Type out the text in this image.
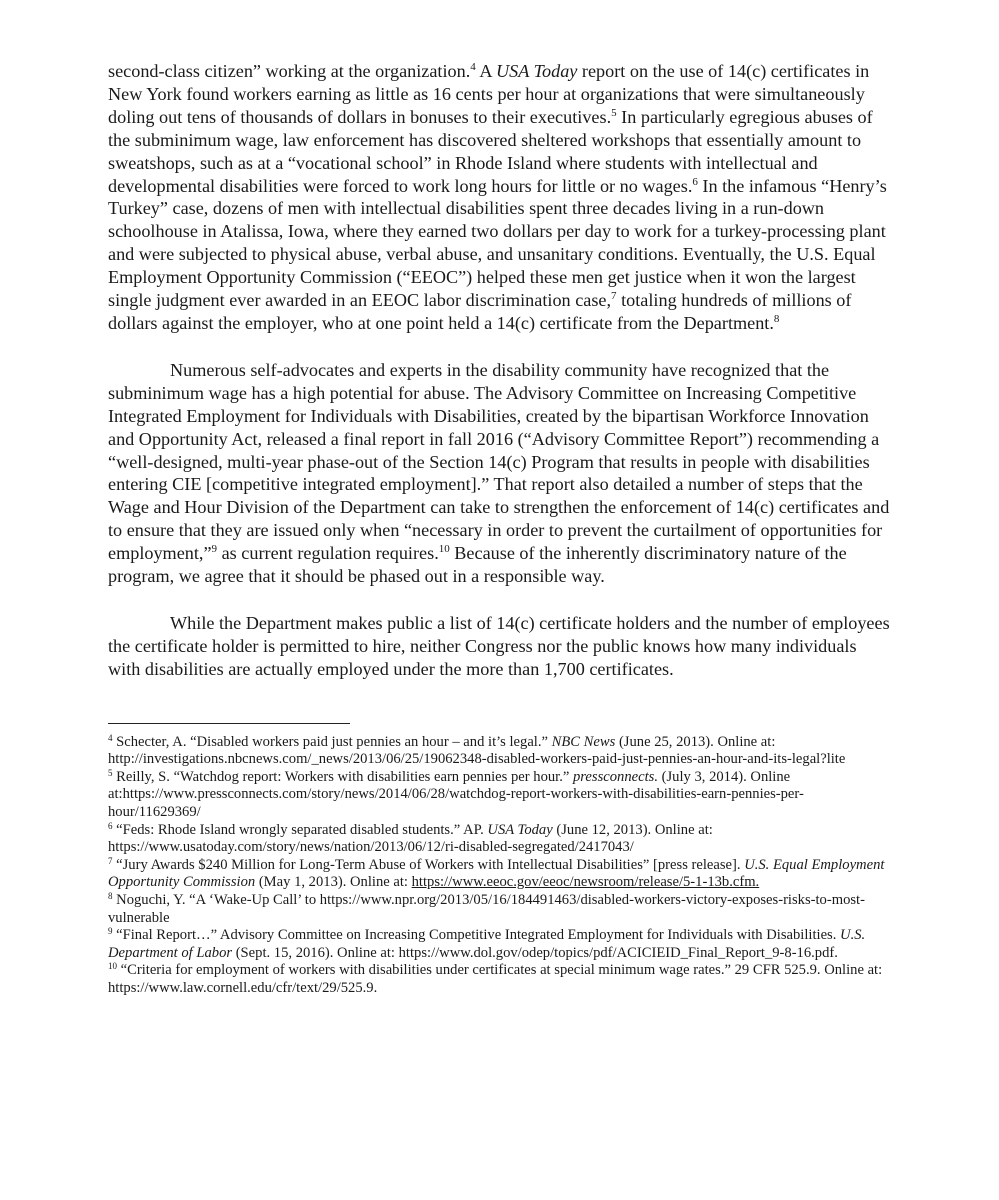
second-class citizen” working at the organization.$^4$ A USA Today report on the use of 14(c) certificates in New York found workers earning as little as 16 cents per hour at organizations that were simultaneously doling out tens of thousands of dollars in bonuses to their executives.$^5$ In particularly egregious abuses of the subminimum wage, law enforcement has discovered sheltered workshops that essentially amount to sweatshops, such as at a “vocational school” in Rhode Island where students with intellectual and developmental disabilities were forced to work long hours for little or no wages.$^6$ In the infamous “Henry’s Turkey” case, dozens of men with intellectual disabilities spent three decades living in a run-down schoolhouse in Atalissa, Iowa, where they earned two dollars per day to work for a turkey-processing plant and were subjected to physical abuse, verbal abuse, and unsanitary conditions. Eventually, the U.S. Equal Employment Opportunity Commission (“EEOC”) helped these men get justice when it won the largest single judgment ever awarded in an EEOC labor discrimination case,$^7$ totaling hundreds of millions of dollars against the employer, who at one point held a 14(c) certificate from the Department.$^8$

Numerous self-advocates and experts in the disability community have recognized that the subminimum wage has a high potential for abuse. The Advisory Committee on Increasing Competitive Integrated Employment for Individuals with Disabilities, created by the bipartisan Workforce Innovation and Opportunity Act, released a final report in fall 2016 (“Advisory Committee Report”) recommending a “well-designed, multi-year phase-out of the Section 14(c) Program that results in people with disabilities entering CIE [competitive integrated employment].” That report also detailed a number of steps that the Wage and Hour Division of the Department can take to strengthen the enforcement of 14(c) certificates and to ensure that they are issued only when “necessary in order to prevent the curtailment of opportunities for employment,”$^9$ as current regulation requires.$^{10}$ Because of the inherently discriminatory nature of the program, we agree that it should be phased out in a responsible way.

While the Department makes public a list of 14(c) certificate holders and the number of employees the certificate holder is permitted to hire, neither Congress nor the public knows how many individuals with disabilities are actually employed under the more than 1,700 certificates.

$^4$ Schecter, A. “Disabled workers paid just pennies an hour – and it’s legal.” NBC News (June 25, 2013). Online at: http://investigations.nbcnews.com/_news/2013/06/25/19062348-disabled-workers-paid-just-pennies-an-hour-and-its-legal?lite

$^5$ Reilly, S. “Watchdog report: Workers with disabilities earn pennies per hour.” pressconnects. (July 3, 2014). Online at:https://www.pressconnects.com/story/news/2014/06/28/watchdog-report-workers-with-disabilities-earn-pennies-per-hour/11629369/

$^6$ “Feds: Rhode Island wrongly separated disabled students.” AP. USA Today (June 12, 2013). Online at: https://www.usatoday.com/story/news/nation/2013/06/12/ri-disabled-segregated/2417043/

$^7$ “Jury Awards $240 Million for Long-Term Abuse of Workers with Intellectual Disabilities” [press release]. U.S. Equal Employment Opportunity Commission (May 1, 2013). Online at: https://www.eeoc.gov/eeoc/newsroom/release/5-1-13b.cfm.

$^8$ Noguchi, Y. “A ‘Wake-Up Call’ to https://www.npr.org/2013/05/16/184491463/disabled-workers-victory-exposes-risks-to-most-vulnerable

$^9$ “Final Report…” Advisory Committee on Increasing Competitive Integrated Employment for Individuals with Disabilities. U.S. Department of Labor (Sept. 15, 2016). Online at: https://www.dol.gov/odep/topics/pdf/ACICIEID_Final_Report_9-8-16.pdf.

$^{10}$ “Criteria for employment of workers with disabilities under certificates at special minimum wage rates.” 29 CFR 525.9. Online at: https://www.law.cornell.edu/cfr/text/29/525.9.
